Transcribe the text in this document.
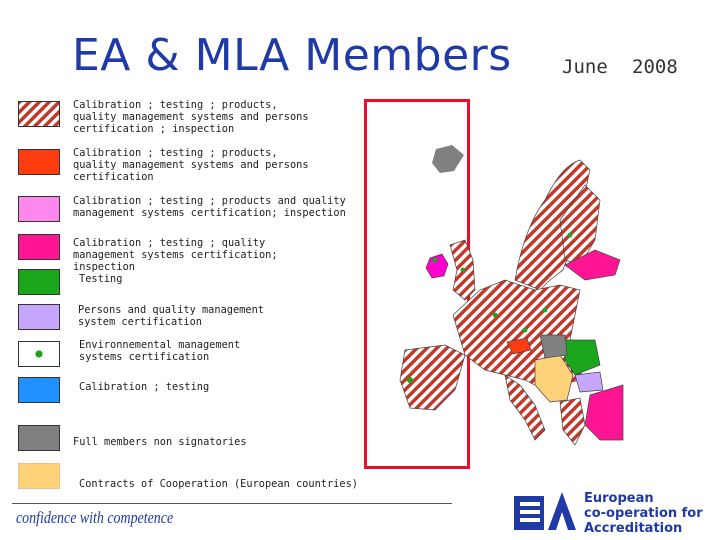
EA & MLA Members	June 2008
Calibration ; testing ; products, quality management systems and persons certification ; inspection
Calibration ; testing ; products, quality management systems and persons certification
Calibration ; testing ; products and quality management systems certification; inspection
Calibration ; testing ; quality management systems certification; inspection
Testing
Persons and quality management system certification
Environnemental management systems certification
Calibration ; testing
Full members non signatories
Contracts of Cooperation (European countries)
confidence with competence
European
co-operation for
Accreditation
